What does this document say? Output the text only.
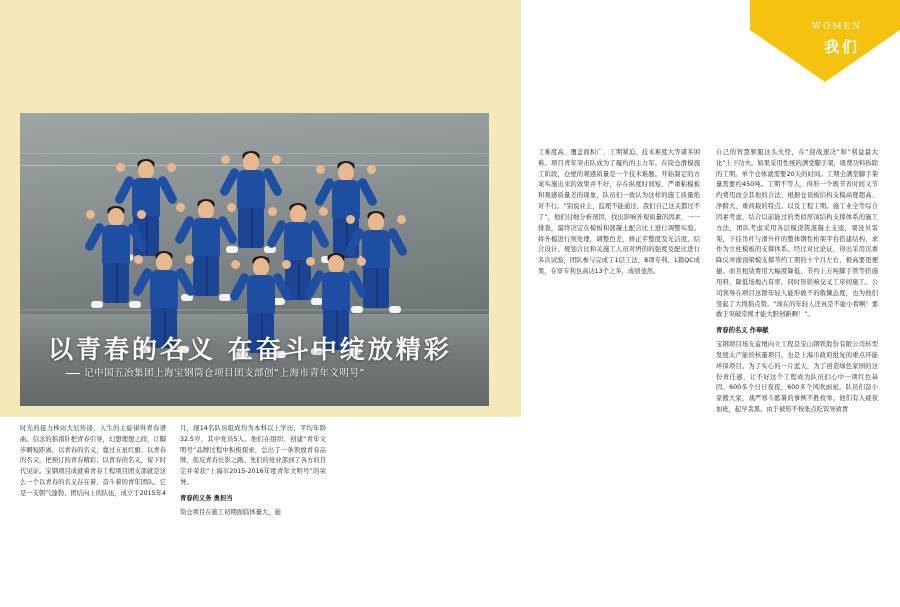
WOMEN
我们
以青春的名义 在奋斗中绽放精彩
记中国五冶集团上海宝钢筒仓项目团支部创“上海市青年文明号”

时光的接力棒由大厄传递，人生的主旋律得青春谱曲。信念的指南针把青春引导，幻想理想之间，让脚步瞬短距离，以青春的名义，靠过五星红旗；以青春的名义，把预订的青春精彩；以青春的名义，留下时代见证。宝钢项目成就着青春工程项目团支部就是这么一个以青春的名义存在着、奋斗着的青年团队。它是一支朝气蓬勃、团结向上的队伍，成立于2015年4

月，现14名队员组成均为本科以上学历，平均年龄32.5岁，其中党员5人。他们在组织、创建“青年文明号”品牌过程中积极探索，总出了一条领放青春品牌，促反青春长影之路。先们的党业部到了各方的肯定并荣获“上海市2015-2016年度青年文明号”的荣誉。

青春的义务 勇担当

筒仓项目在施工初期面临体量大，施

工难度高、覆盖面积广、工期紧迫、技术难度大等诸多困难。项目青年突击队成为了履约的主力军。在筒仓滑模施工阶段，仓壁的观感质量是一个技术难题。开始制定的方案实施出来的效果并不好，存在纵度时间短、严重粘模板和观感质量差的现象，队员们一致认为这样的施工质量绝对不行。“别说业主，监理不能通过，我们自己这关都过不了”，他们付细分析剖因，找出影响外观质量的因素，一一排查，最终决定在模板和混凝土配合比上进行调整实验。将外模进行预处理，调整色差、修正平整度及光洁度，结合设计、规划合比和关施工人员对坍的的强度及配比进行多次试验，团队参与完成了1层工法、8项专利、1篇QC成果，在审专利也高达13个之多，成绩斐然。

自己的智慧驱服这头火怪，在“迎战速决”和“利益最大化”上下功夫。如果采用性统的满堂脚手架，既费功料拆除的工期。单个仓体就需要20天的时间。工期全满堂脚手架量需要约450吨。工期不等人，得形一个既节省时间又节约费用而全其他的合法、根据仓顶板结构支模高度超高、净跨大、重荷载的特点。以及工程工期。施工业全等综合因素考虑，结合以前能过的类似厚顶结构支撑体系的施工方法，团队考虑采用各层模浇筑混凝土支座，架设贝雷架，下挂吊杆与滑升杆的整体钢性桁架平台搭建结构，求作为立柱模板的支撑体系。经过对比论证，得出采用沉重降反冲澡顶梁模支撑节约工期的十个月左右，极高要更便捷。而且租赁费用大幅度降低、节约上万吨脚手管等搭施用料，降低场地占有率，同时形影响交叉工序间施工。公司领导在项目这群年轻人能形敢不的敬佩态度，也为他们竖起了大拇指点赞。“现在的年轻人还真是不能小看啊！要敢于突破常规才能大胆创新啊！”。

青春的名义 作奉献

宝钢项目场友谊增向立工程是宝山钢铁股份有限公司转型发展太产能的核量项目。也是上海市政府批复的重点环能环保项目。为了实心的一片蓝天，为了创造绿色家园的这份责任感，让不好这个工程成为队员们心中一项红色基因、600多个日日夜夜、600多个风吹雨星。队员们奋小家搬大家，战严寒斗酷暑的事例不胜枚举。他们有人疲夜加班，起早贪黑。由于被形不按张点吃饭导致胃
